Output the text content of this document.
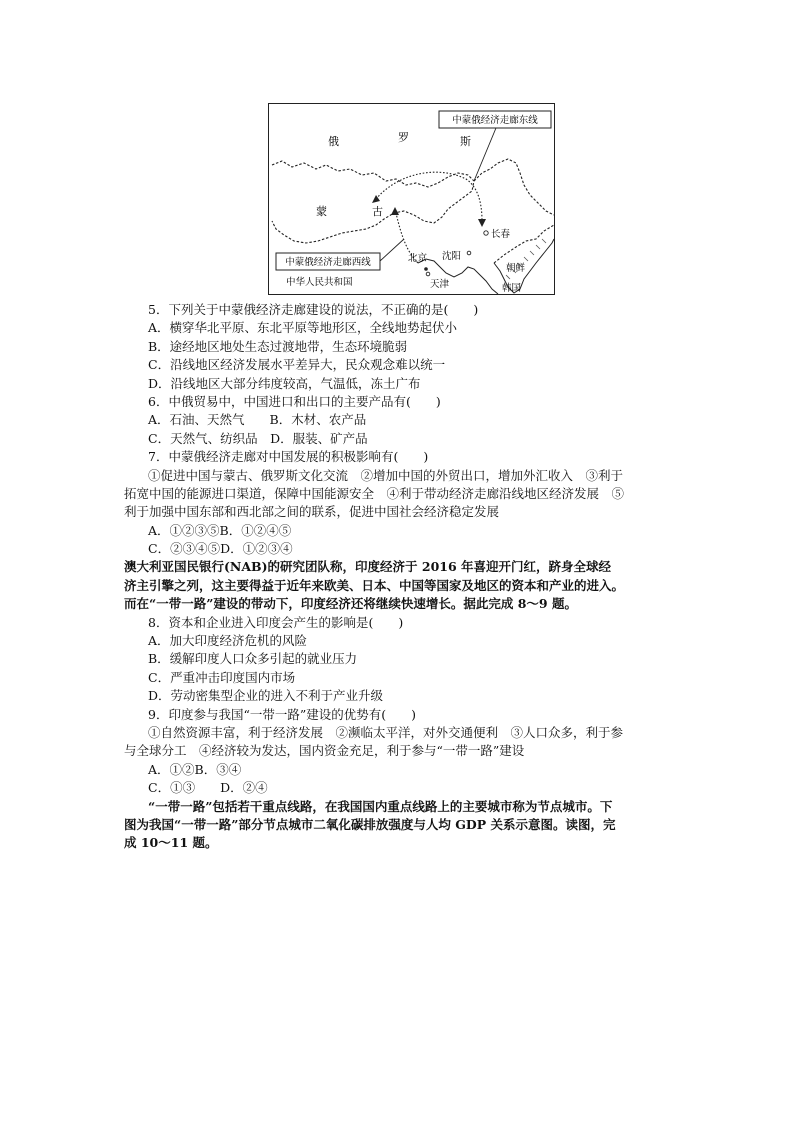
中蒙俄经济走廊东线
中蒙俄经济走廊西线
俄	罗	斯
蒙	古
中华人民共和国
长春
北京 沈阳
天津
朝鲜
韩国
5．下列关于中蒙俄经济走廊建设的说法，不正确的是(　　)
A．横穿华北平原、东北平原等地形区，全线地势起伏小
B．途经地区地处生态过渡地带，生态环境脆弱
C．沿线地区经济发展水平差异大，民众观念难以统一
D．沿线地区大部分纬度较高，气温低，冻土广布
6．中俄贸易中，中国进口和出口的主要产品有(　　)
A．石油、天然气　　B．木材、农产品
C．天然气、纺织品　D．服装、矿产品
7．中蒙俄经济走廊对中国发展的积极影响有(　　)
①促进中国与蒙古、俄罗斯文化交流　②增加中国的外贸出口，增加外汇收入　③利于
拓宽中国的能源进口渠道，保障中国能源安全　④利于带动经济走廊沿线地区经济发展　⑤
利于加强中国东部和西北部之间的联系，促进中国社会经济稳定发展
A．①②③⑤B．①②④⑤
C．②③④⑤D．①②③④
澳大利亚国民银行(NAB)的研究团队称，印度经济于 2016 年喜迎开门红，跻身全球经
济主引擎之列，这主要得益于近年来欧美、日本、中国等国家及地区的资本和产业的进入。
而在“一带一路”建设的带动下，印度经济还将继续快速增长。据此完成 8～9 题。
8．资本和企业进入印度会产生的影响是(　　)
A．加大印度经济危机的风险
B．缓解印度人口众多引起的就业压力
C．严重冲击印度国内市场
D．劳动密集型企业的进入不利于产业升级
9．印度参与我国“一带一路”建设的优势有(　　)
①自然资源丰富，利于经济发展　②濒临太平洋，对外交通便利　③人口众多，利于参
与全球分工　④经济较为发达，国内资金充足，利于参与“一带一路”建设
A．①②B．③④
C．①③　　D．②④
“一带一路”包括若干重点线路，在我国国内重点线路上的主要城市称为节点城市。下
图为我国“一带一路”部分节点城市二氧化碳排放强度与人均 GDP 关系示意图。读图，完
成 10～11 题。
